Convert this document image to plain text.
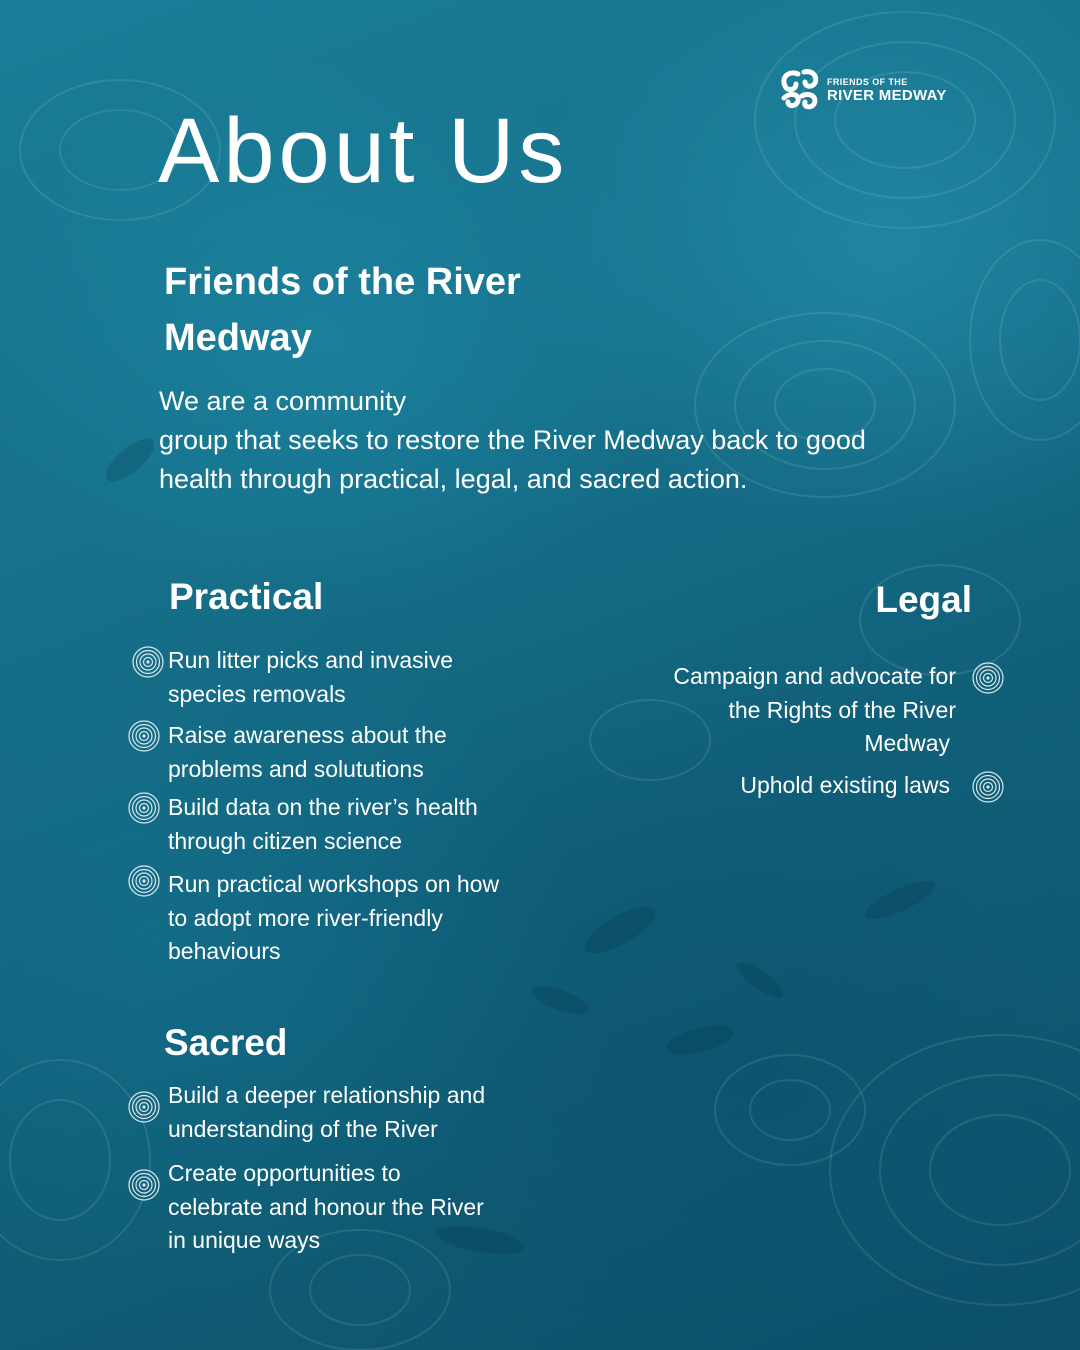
FRIENDS OF THE
RIVER MEDWAY
About Us
Friends of the River
Medway
We are a community
group that seeks to restore the River Medway back to good
health through practical, legal, and sacred action.
Practical
Run litter picks and invasive
species removals
Raise awareness about the
problems and solututions
Build data on the river’s health
through citizen science
Run practical workshops on how
to adopt more river-friendly
behaviours
Legal
Campaign and advocate for
the Rights of the River
Medway
Uphold existing laws
Sacred
Build a deeper relationship and
understanding of the River
Create opportunities to
celebrate and honour the River
in unique ways
